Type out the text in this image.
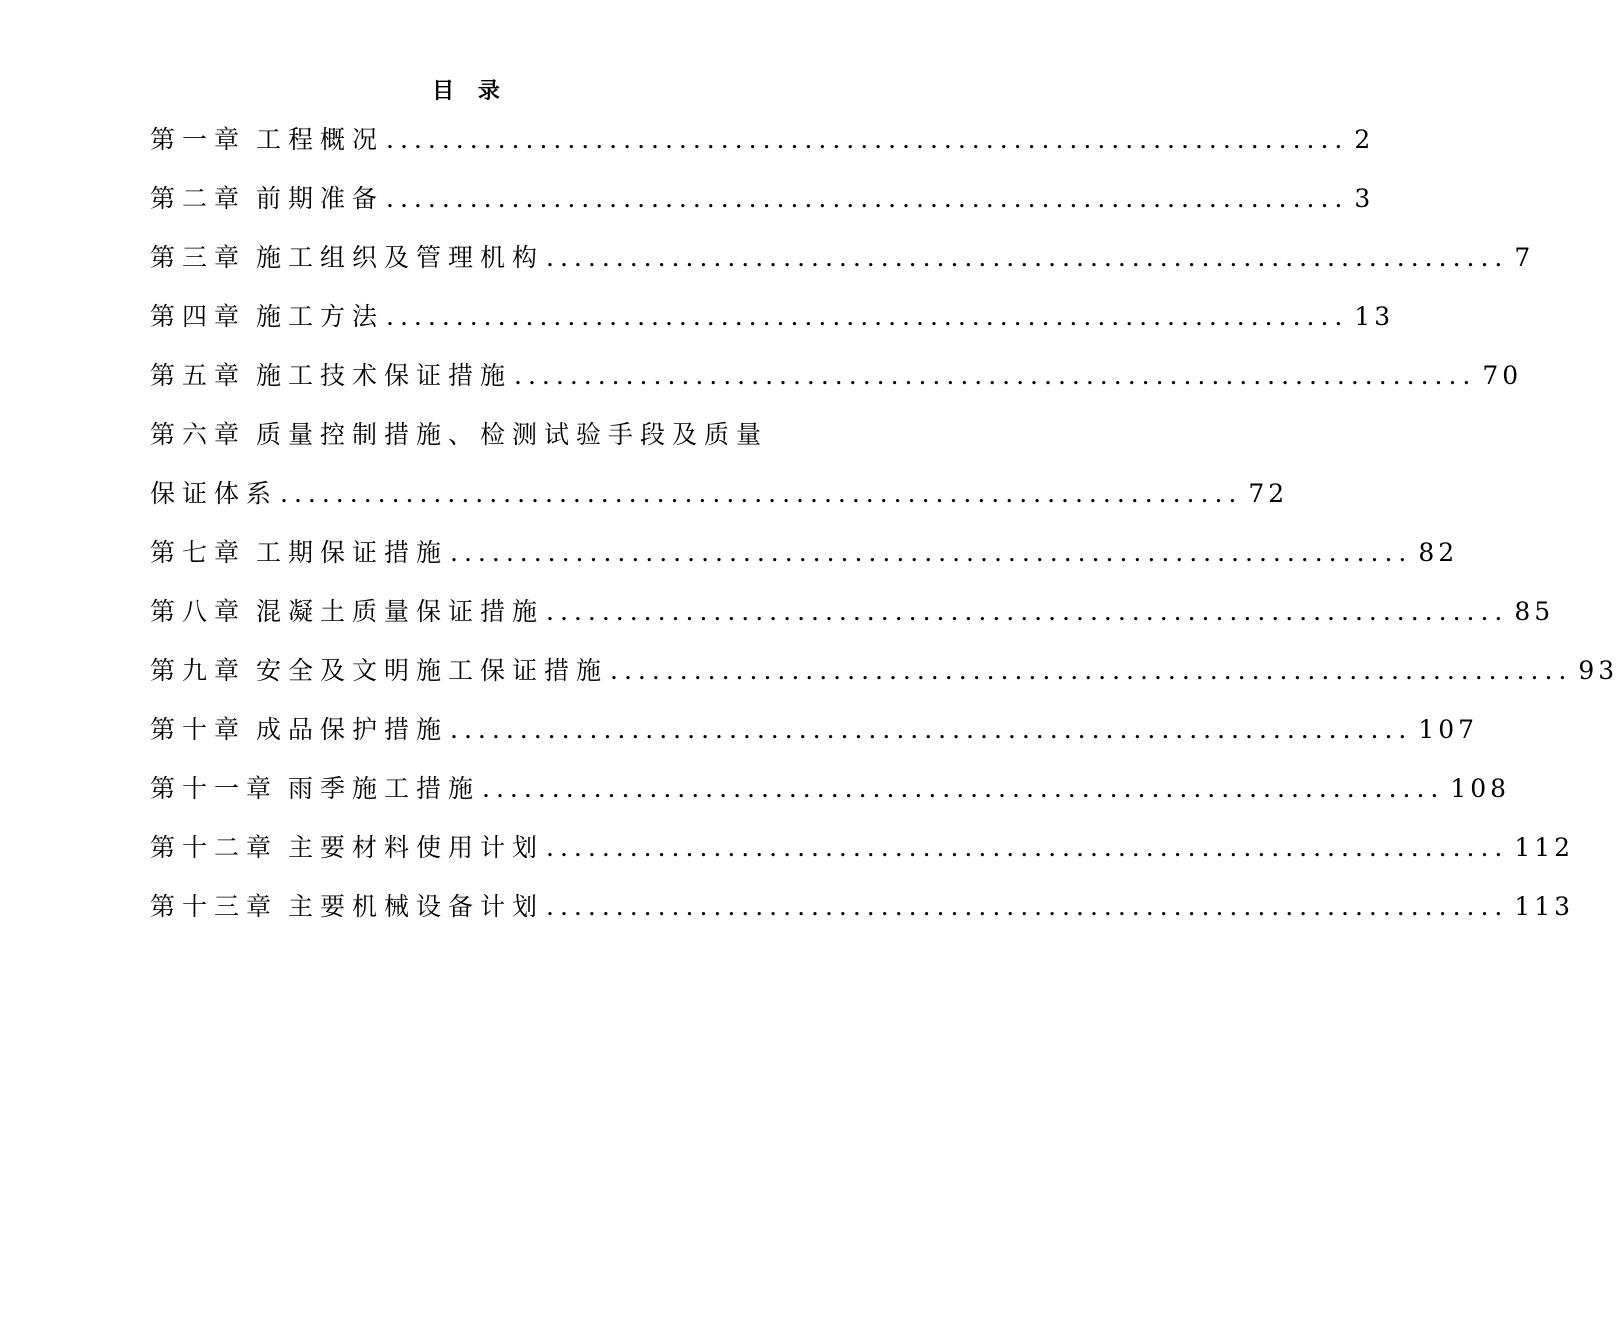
目 录
第一章 工程概况 ..................................................................... 2
第二章 前期准备 ..................................................................... 3
第三章 施工组织及管理机构 ..................................................................... 7
第四章 施工方法 ..................................................................... 13
第五章 施工技术保证措施 ..................................................................... 70
第六章 质量控制措施、检测试验手段及质量
保证体系 ..................................................................... 72
第七章 工期保证措施 ..................................................................... 82
第八章 混凝土质量保证措施 ..................................................................... 85
第九章 安全及文明施工保证措施 ..................................................................... 93
第十章 成品保护措施 ..................................................................... 107
第十一章 雨季施工措施 ..................................................................... 108
第十二章 主要材料使用计划 ..................................................................... 112
第十三章 主要机械设备计划 ..................................................................... 113
